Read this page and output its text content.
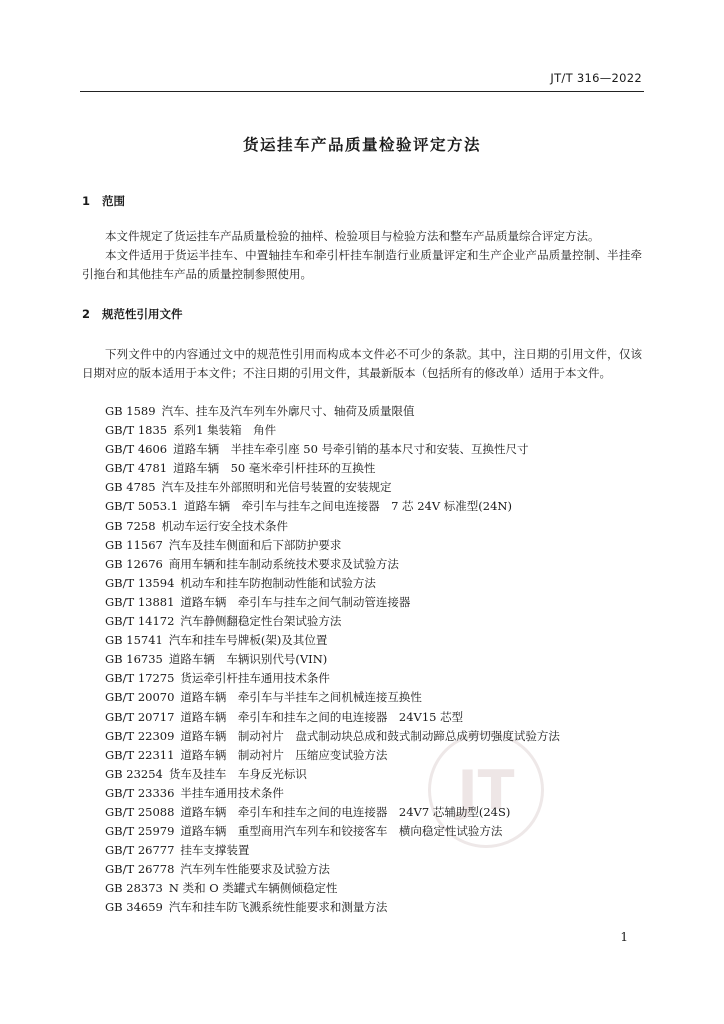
JT/T 316—2022
货运挂车产品质量检验评定方法
JT
1 范围

本文件规定了货运挂车产品质量检验的抽样、检验项目与检验方法和整车产品质量综合评定方法。

本文件适用于货运半挂车、中置轴挂车和牵引杆挂车制造行业质量评定和生产企业产品质量控制、半挂牵引拖台和其他挂车产品的质量控制参照使用。

2 规范性引用文件

下列文件中的内容通过文中的规范性引用而构成本文件必不可少的条款。其中，注日期的引用文件，仅该日期对应的版本适用于本文件；不注日期的引用文件，其最新版本（包括所有的修改单）适用于本文件。

GB 1589 汽车、挂车及汽车列车外廓尺寸、轴荷及质量限值
GB/T 1835 系列1 集装箱　角件
GB/T 4606 道路车辆　半挂车牵引座 50 号牵引销的基本尺寸和安装、互换性尺寸
GB/T 4781 道路车辆　50 毫米牵引杆挂环的互换性
GB 4785 汽车及挂车外部照明和光信号装置的安装规定
GB/T 5053.1 道路车辆　牵引车与挂车之间电连接器　7 芯 24V 标准型(24N)
GB 7258 机动车运行安全技术条件
GB 11567 汽车及挂车侧面和后下部防护要求
GB 12676 商用车辆和挂车制动系统技术要求及试验方法
GB/T 13594 机动车和挂车防抱制动性能和试验方法
GB/T 13881 道路车辆　牵引车与挂车之间气制动管连接器
GB/T 14172 汽车静侧翻稳定性台架试验方法
GB 15741 汽车和挂车号牌板(架)及其位置
GB 16735 道路车辆　车辆识别代号(VIN)
GB/T 17275 货运牵引杆挂车通用技术条件
GB/T 20070 道路车辆　牵引车与半挂车之间机械连接互换性
GB/T 20717 道路车辆　牵引车和挂车之间的电连接器　24V15 芯型
GB/T 22309 道路车辆　制动衬片　盘式制动块总成和鼓式制动蹄总成剪切强度试验方法
GB/T 22311 道路车辆　制动衬片　压缩应变试验方法
GB 23254 货车及挂车　车身反光标识
GB/T 23336 半挂车通用技术条件
GB/T 25088 道路车辆　牵引车和挂车之间的电连接器　24V7 芯辅助型(24S)
GB/T 25979 道路车辆　重型商用汽车列车和铰接客车　横向稳定性试验方法
GB/T 26777 挂车支撑装置
GB/T 26778 汽车列车性能要求及试验方法
GB 28373 N 类和 O 类罐式车辆侧倾稳定性
GB 34659 汽车和挂车防飞溅系统性能要求和测量方法
1
